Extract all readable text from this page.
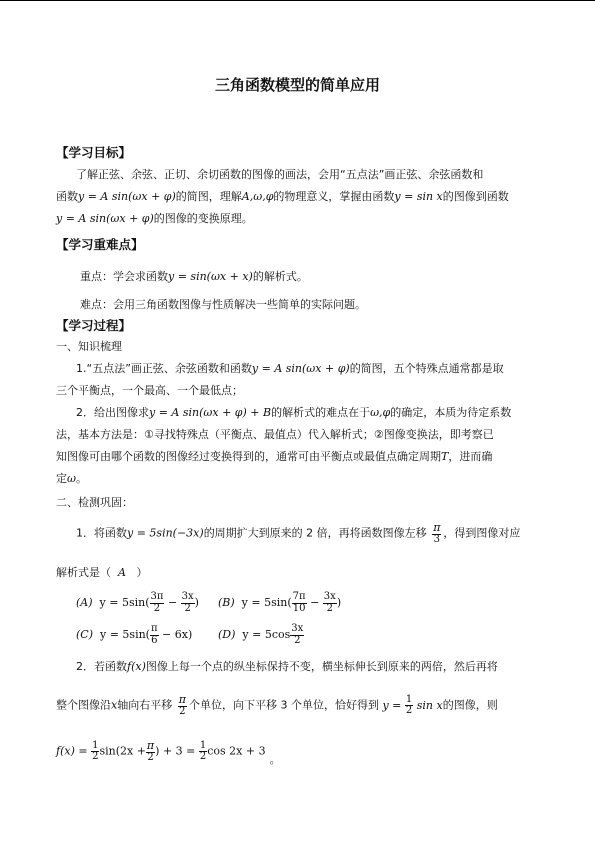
三角函数模型的简单应用
【学习目标】
了解正弦、余弦、正切、余切函数的图像的画法，会用“五点法”画正弦、余弦函数和
函数y = A sin(ωx + φ)的简图，理解A,ω,φ的物理意义，掌握由函数y = sin x的图像到函数
y = A sin(ωx + φ)的图像的变换原理。
【学习重难点】
重点：学会求函数y = sin(ωx + x)的解析式。
难点：会用三角函数图像与性质解决一些简单的实际问题。
【学习过程】
一、知识梳理
1.“五点法”画正弦、余弦函数和函数y = A sin(ωx + φ)的简图，五个特殊点通常都是取
三个平衡点，一个最高、一个最低点；
2．给出图像求y = A sin(ωx + φ) + B的解析式的难点在于ω,φ的确定，本质为待定系数
法，基本方法是：①寻找特殊点（平衡点、最值点）代入解析式；②图像变换法，即考察已
知图像可由哪个函数的图像经过变换得到的，通常可由平衡点或最值点确定周期T，进而确
定ω。
二、检测巩固：
1．将函数y = 5sin(−3x)的周期扩大到原来的 2 倍，再将函数图像左移 $\frac{\pi}{3}$ ，得到图像对应
解析式是（ A ）
(A) $y = 5\sin( \frac{3\pi}{2} - \frac{3x}{2}$ ) (B) $y = 5\sin( \frac{7\pi}{10} - \frac{3x}{2}$ )
(C) $y = 5\sin( \frac{\pi}{6} - 6x)$ (D) $y = 5\cos \frac{3x}{2}$
2．若函数f(x)图像上每一个点的纵坐标保持不变，横坐标伸长到原来的两倍，然后再将
整个图像沿x轴向右平移 $\frac{\pi}{2}$ 个单位，向下平移 3 个单位，恰好得到 $y = \frac{1}{2}$ sin x的图像，则
$f(x) = \frac{1}{2} \sin(2x + \frac{\pi}{2}$ ) + $3 = \frac{1}{2}$ cos 2x + 3。
